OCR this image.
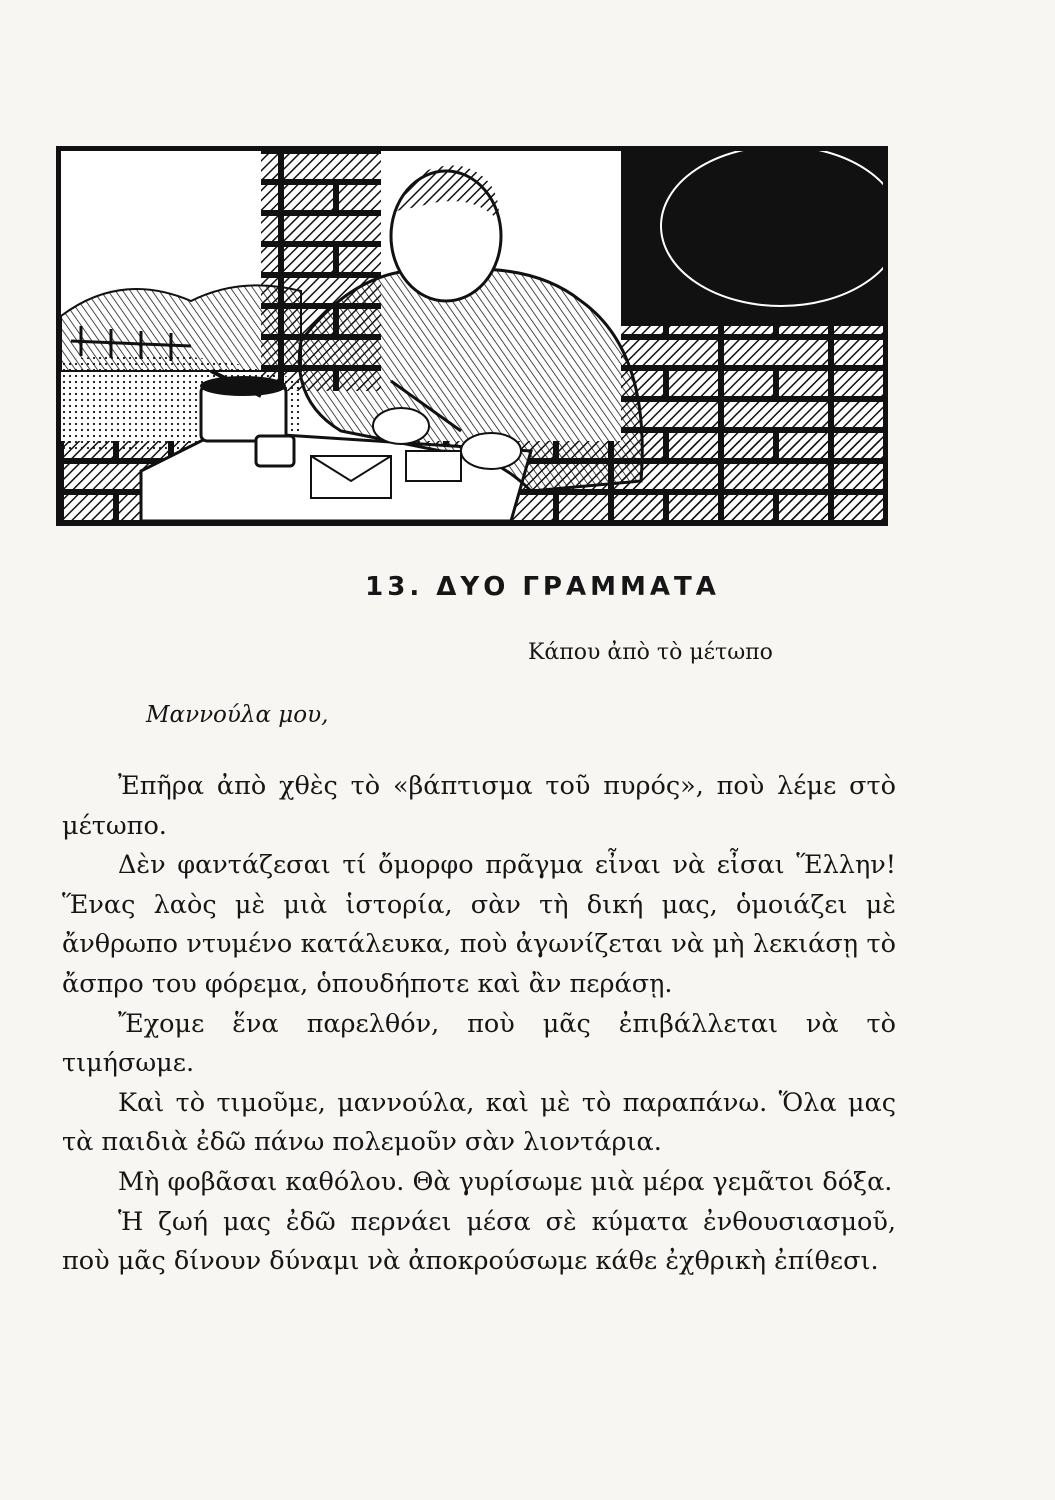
13. ΔΥΟ ΓΡΑΜΜΑΤΑ
Κάπου ἀπὸ τὸ μέτωπο
Μαννούλα μου,

Ἐπῆρα ἀπὸ χθὲς τὸ «βάπτισμα τοῦ πυρός», ποὺ λέμε στὸ μέτωπο.

Δὲν φαντάζεσαι τί ὄμορφο πρᾶγμα εἶναι νὰ εἶσαι Ἕλλην! Ἕνας λαὸς μὲ μιὰ ἱστορία, σὰν τὴ δική μας, ὁμοιάζει μὲ ἄνθρωπο ντυμένο κατάλευκα, ποὺ ἀγωνίζεται νὰ μὴ λεκιάσῃ τὸ ἄσπρο του φόρεμα, ὁπουδήποτε καὶ ἂν περάσῃ.

Ἔχομε ἕνα παρελθόν, ποὺ μᾶς ἐπιβάλλεται νὰ τὸ τιμήσωμε.

Καὶ τὸ τιμοῦμε, μαννούλα, καὶ μὲ τὸ παραπάνω. Ὅλα μας τὰ παιδιὰ ἐδῶ πάνω πολεμοῦν σὰν λιοντάρια.

Μὴ φοβᾶσαι καθόλου. Θὰ γυρίσωμε μιὰ μέρα γεμᾶτοι δόξα.

Ἡ ζωή μας ἐδῶ περνάει μέσα σὲ κύματα ἐνθουσιασμοῦ, ποὺ μᾶς δίνουν δύναμι νὰ ἀποκρούσωμε κάθε ἐχθρικὴ ἐπίθεσι.
